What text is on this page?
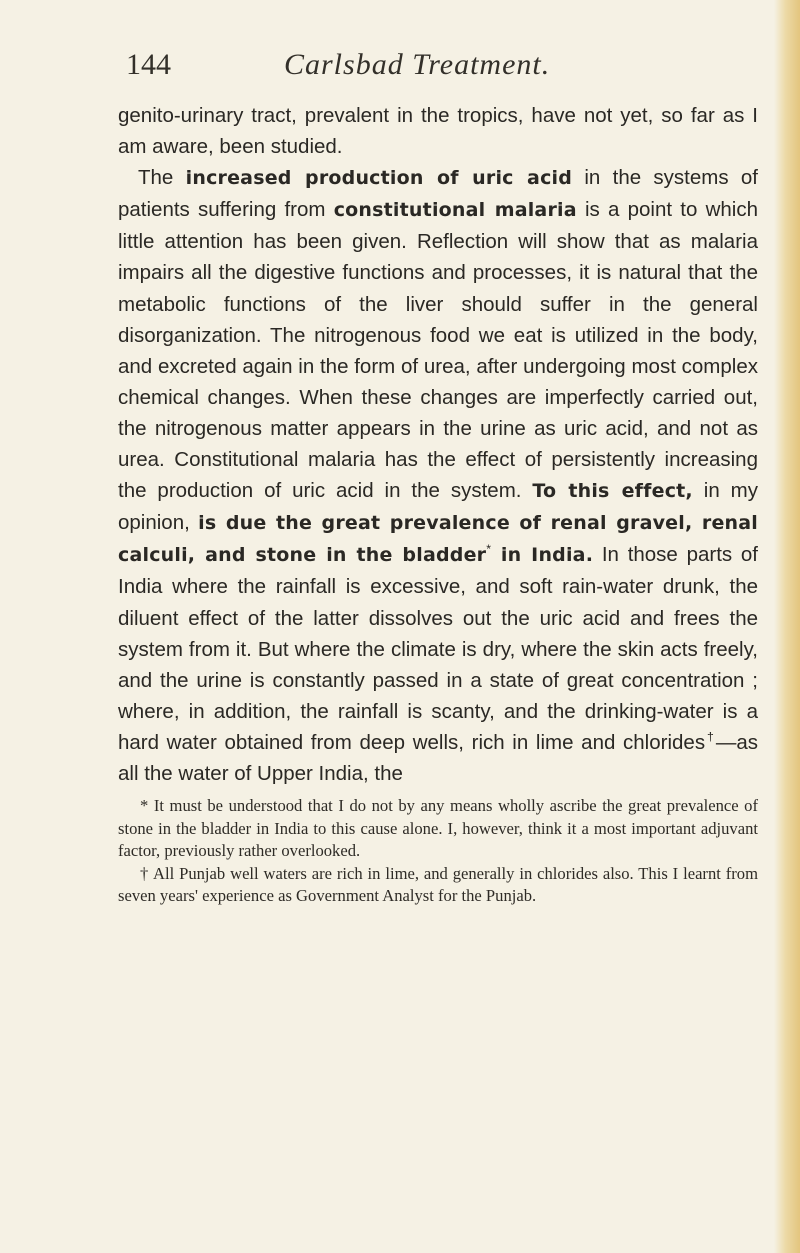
144	Carlsbad Treatment.

genito-urinary tract, prevalent in the tropics, have not yet, so far as I am aware, been studied.

The increased production of uric acid in the systems of patients suffering from constitutional malaria is a point to which little attention has been given. Reflection will show that as malaria impairs all the digestive functions and processes, it is natural that the metabolic functions of the liver should suffer in the general disorganization. The nitrogenous food we eat is utilized in the body, and excreted again in the form of urea, after undergoing most complex chemical changes. When these changes are imperfectly carried out, the nitrogenous matter appears in the urine as uric acid, and not as urea. Constitutional malaria has the effect of persistently increasing the production of uric acid in the system. To this effect, in my opinion, is due the great prevalence of renal gravel, renal calculi, and stone in the bladder* in India. In those parts of India where the rainfall is excessive, and soft rain-water drunk, the diluent effect of the latter dissolves out the uric acid and frees the system from it. But where the climate is dry, where the skin acts freely, and the urine is constantly passed in a state of great concentration ; where, in addition, the rainfall is scanty, and the drinking-water is a hard water obtained from deep wells, rich in lime and chlorides†—as all the water of Upper India, the

* It must be understood that I do not by any means wholly ascribe the great prevalence of stone in the bladder in India to this cause alone. I, however, think it a most important adjuvant factor, previously rather overlooked.

† All Punjab well waters are rich in lime, and generally in chlorides also. This I learnt from seven years' experience as Government Analyst for the Punjab.
